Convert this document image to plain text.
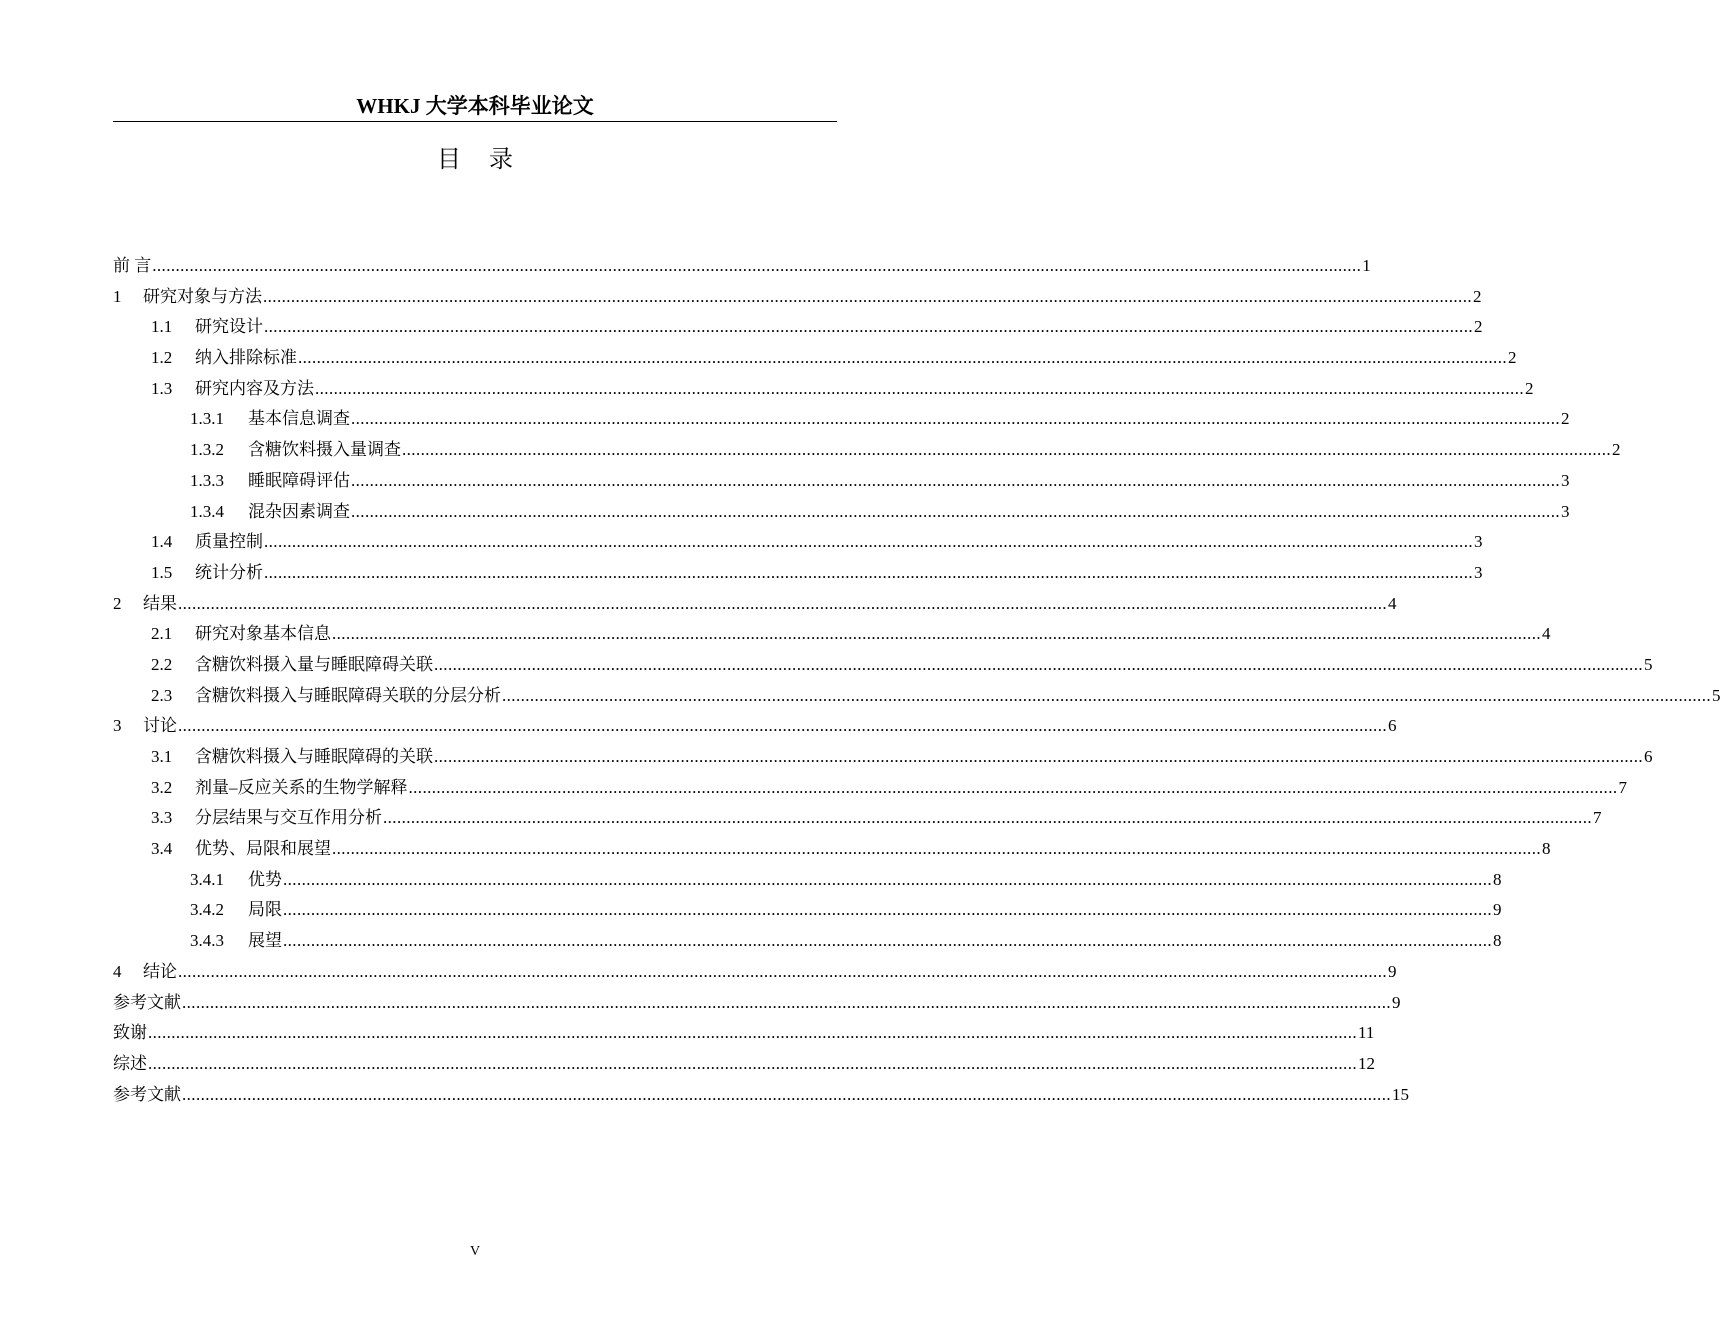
WHKJ 大学本科毕业论文
目录
前 言 .................................................................................................................................................................................................................................................................... 1
1	研究对象与方法 .................................................................................................................................................................................................................................................................... 2
1.1	研究设计 .................................................................................................................................................................................................................................................................... 2
1.2	纳入排除标准 .................................................................................................................................................................................................................................................................... 2
1.3	研究内容及方法 .................................................................................................................................................................................................................................................................... 2
1.3.1	基本信息调查 .................................................................................................................................................................................................................................................................... 2
1.3.2	含糖饮料摄入量调查 .................................................................................................................................................................................................................................................................... 2
1.3.3	睡眠障碍评估 .................................................................................................................................................................................................................................................................... 3
1.3.4	混杂因素调查 .................................................................................................................................................................................................................................................................... 3
1.4	质量控制 .................................................................................................................................................................................................................................................................... 3
1.5	统计分析 .................................................................................................................................................................................................................................................................... 3
2	结果 .................................................................................................................................................................................................................................................................... 4
2.1	研究对象基本信息 .................................................................................................................................................................................................................................................................... 4
2.2	含糖饮料摄入量与睡眠障碍关联 .................................................................................................................................................................................................................................................................... 5
2.3	含糖饮料摄入与睡眠障碍关联的分层分析 .................................................................................................................................................................................................................................................................... 5
3	讨论 .................................................................................................................................................................................................................................................................... 6
3.1	含糖饮料摄入与睡眠障碍的关联 .................................................................................................................................................................................................................................................................... 6
3.2	剂量–反应关系的生物学解释 .................................................................................................................................................................................................................................................................... 7
3.3	分层结果与交互作用分析 .................................................................................................................................................................................................................................................................... 7
3.4	优势、局限和展望 .................................................................................................................................................................................................................................................................... 8
3.4.1	优势 .................................................................................................................................................................................................................................................................... 8
3.4.2	局限 .................................................................................................................................................................................................................................................................... 9
3.4.3	展望 .................................................................................................................................................................................................................................................................... 8
4	结论 .................................................................................................................................................................................................................................................................... 9
参考文献 .................................................................................................................................................................................................................................................................... 9
致谢 .................................................................................................................................................................................................................................................................... 11
综述 .................................................................................................................................................................................................................................................................... 12
参考文献 .................................................................................................................................................................................................................................................................... 15
V
